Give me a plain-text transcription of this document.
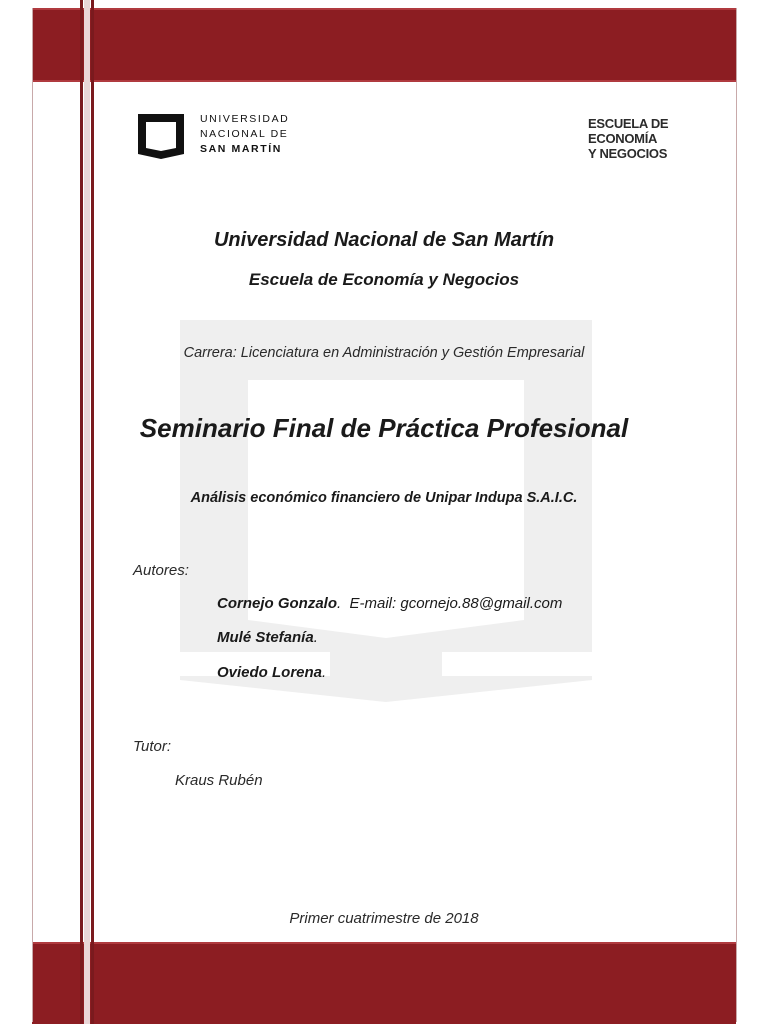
UNIVERSIDAD
NACIONAL DE
SAN MARTÍN
ESCUELA DE
ECONOMÍA
Y NEGOCIOS
Universidad Nacional de San Martín
Escuela de Economía y Negocios
Carrera: Licenciatura en Administración y Gestión Empresarial
Seminario Final de Práctica Profesional
Análisis económico financiero de Unipar Indupa S.A.I.C.
Autores:
Cornejo Gonzalo. E-mail: gcornejo.88@gmail.com
Mulé Stefanía.
Oviedo Lorena.
Tutor:
Kraus Rubén
Primer cuatrimestre de 2018
